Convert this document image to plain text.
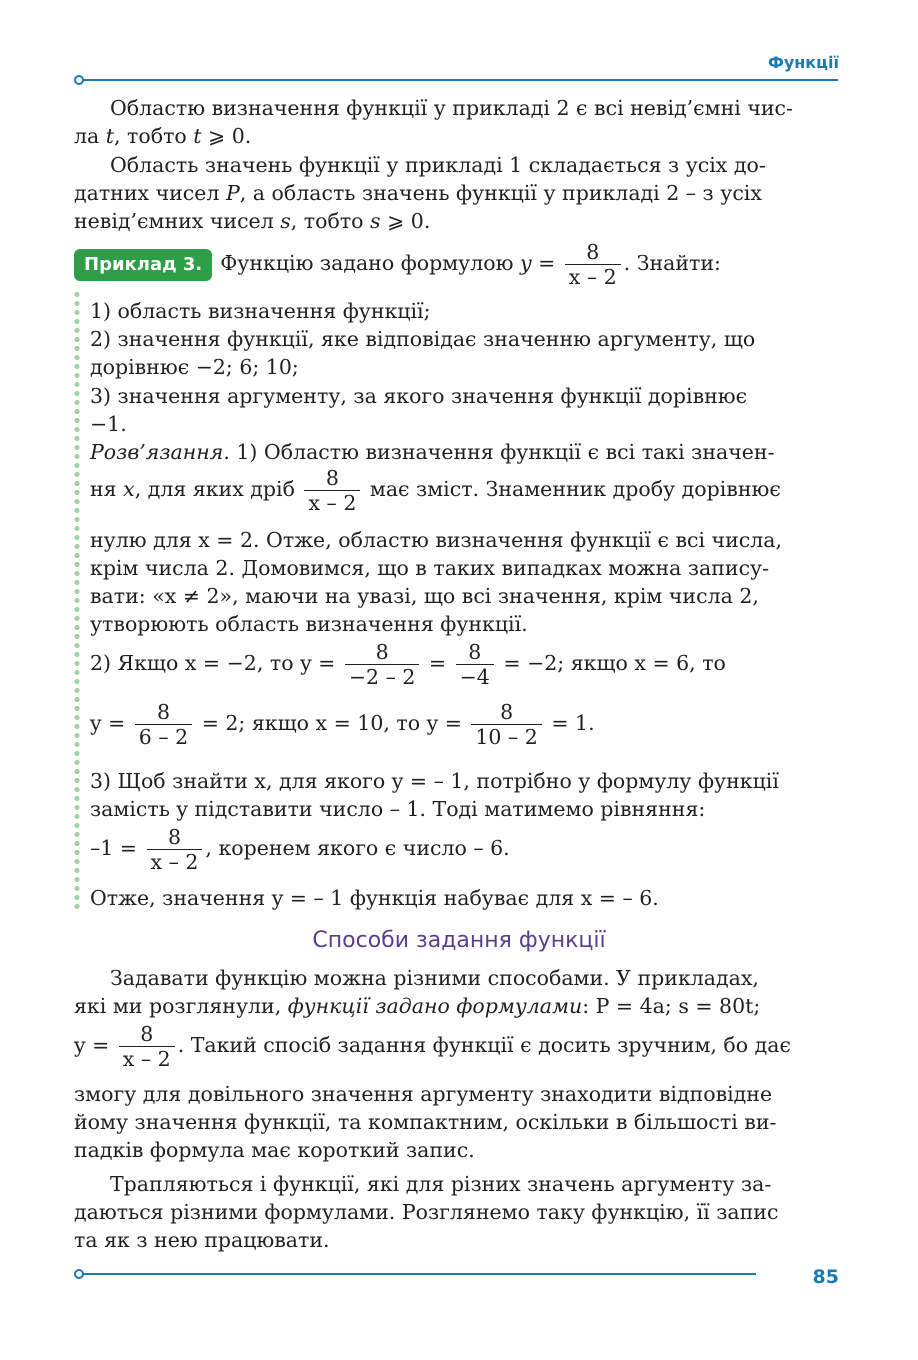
Функції
Областю визначення функції у прикладі 2 є всі невід’ємні чис-
ла t, тобто t ⩾ 0.
Область значень функції у прикладі 1 складається з усіх до-
датних чисел P, а область значень функції у прикладі 2 – з усіх
невід’ємних чисел s, тобто s ⩾ 0.
Приклад 3. Функцію задано формулою $y = \frac{8}{x - 2}$ . Знайти:
1) область визначення функції;
2) значення функції, яке відповідає значенню аргументу, що
дорівнює −2; 6; 10;
3) значення аргументу, за якого значення функції дорівнює
−1.
Розв’язання. 1) Областю визначення функції є всі такі значен-
ня x, для яких дріб $\frac{8}{x - 2}$ має зміст. Знаменник дробу дорівнює
нулю для x = 2. Отже, областю визначення функції є всі числа,
крім числа 2. Домовимся, що в таких випадках можна запису-
вати: «x ≠ 2», маючи на увазі, що всі значення, крім числа 2,
утворюють область визначення функції.
2) Якщо x = −2, то $y = \frac{8}{-2 - 2} = \frac{8}{-4} = -2$; якщо x = 6, то
$y = \frac{8}{6 - 2} = 2$; якщо x = 10, то $y = \frac{8}{10 - 2} = 1$.
3) Щоб знайти x, для якого y = – 1, потрібно у формулу функції
замість y підставити число – 1. Тоді матимемо рівняння:
$-1 = \frac{8}{x - 2}$ , коренем якого є число – 6.
Отже, значення y = – 1 функція набуває для x = – 6.
Способи задання функції
Задавати функцію можна різними способами. У прикладах,
які ми розглянули, функції задано формулами: P = 4a; s = 80t;
$y = \frac{8}{x - 2}$ . Такий спосіб задання функції є досить зручним, бо дає
змогу для довільного значення аргументу знаходити відповідне
йому значення функції, та компактним, оскільки в більшості ви-
падків формула має короткий запис.
Трапляються і функції, які для різних значень аргументу за-
даються різними формулами. Розглянемо таку функцію, її запис
та як з нею працювати.
85
